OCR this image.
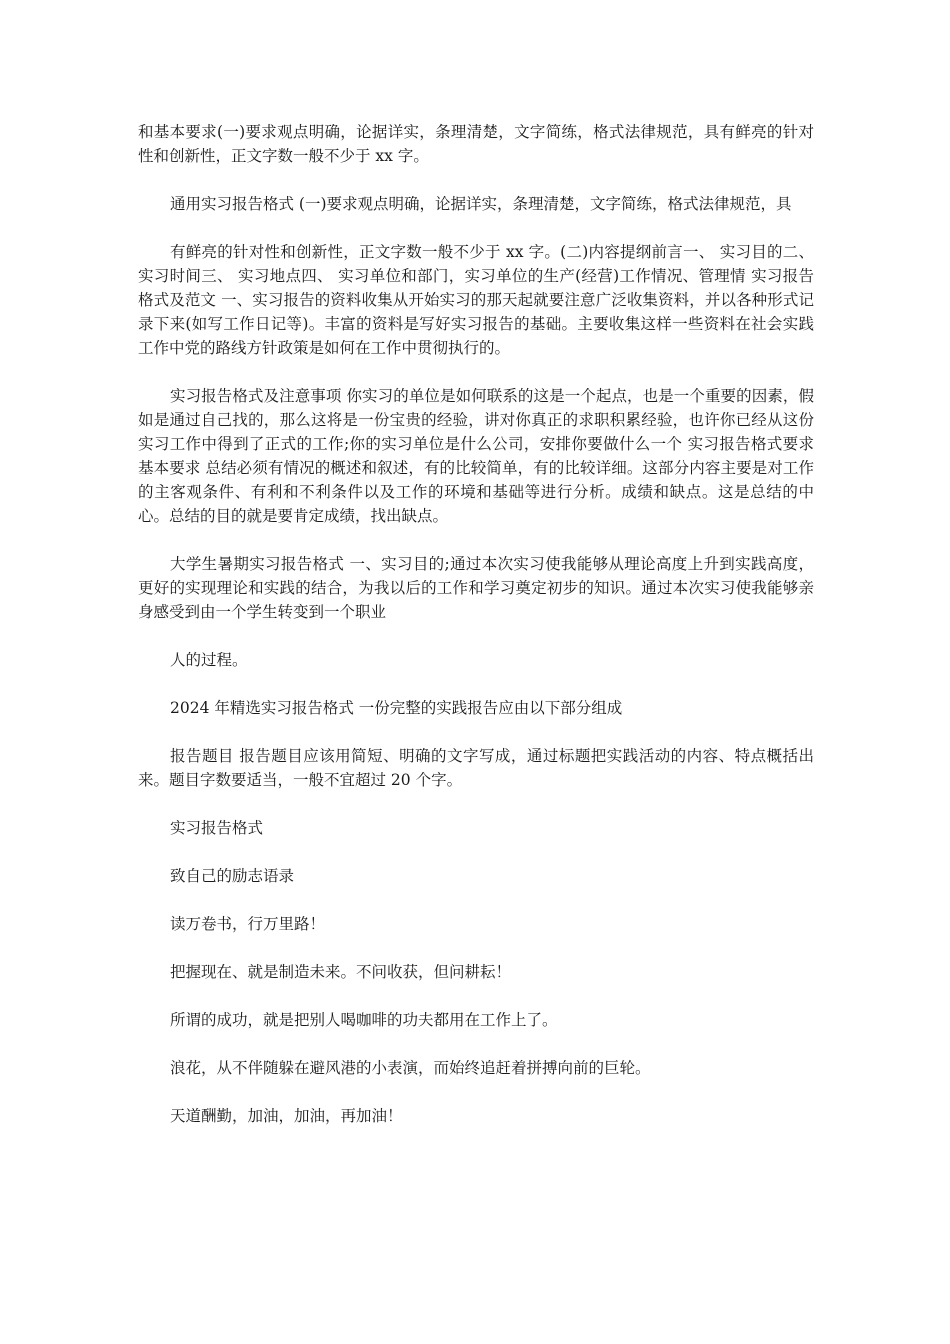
和基本要求(一)要求观点明确，论据详实，条理清楚，文字简练，格式法律规范，具有鲜亮的针对性和创新性，正文字数一般不少于 xx 字。

通用实习报告格式 (一)要求观点明确，论据详实，条理清楚，文字简练，格式法律规范，具

有鲜亮的针对性和创新性，正文字数一般不少于 xx 字。(二)内容提纲前言一、 实习目的二、 实习时间三、 实习地点四、 实习单位和部门，实习单位的生产(经营)工作情况、管理情 实习报告格式及范文 一、实习报告的资料收集从开始实习的那天起就要注意广泛收集资料，并以各种形式记录下来(如写工作日记等)。丰富的资料是写好实习报告的基础。主要收集这样一些资料在社会实践工作中党的路线方针政策是如何在工作中贯彻执行的。

实习报告格式及注意事项 你实习的单位是如何联系的这是一个起点，也是一个重要的因素，假如是通过自己找的，那么这将是一份宝贵的经验，讲对你真正的求职积累经验，也许你已经从这份实习工作中得到了正式的工作;你的实习单位是什么公司，安排你要做什么一个 实习报告格式要求 基本要求 总结必须有情况的概述和叙述，有的比较简单，有的比较详细。这部分内容主要是对工作的主客观条件、有利和不利条件以及工作的环境和基础等进行分析。成绩和缺点。这是总结的中心。总结的目的就是要肯定成绩，找出缺点。

大学生暑期实习报告格式 一、实习目的;通过本次实习使我能够从理论高度上升到实践高度，更好的实现理论和实践的结合，为我以后的工作和学习奠定初步的知识。通过本次实习使我能够亲身感受到由一个学生转变到一个职业

人的过程。

2024 年精选实习报告格式 一份完整的实践报告应由以下部分组成

报告题目 报告题目应该用简短、明确的文字写成，通过标题把实践活动的内容、特点概括出来。题目字数要适当，一般不宜超过 20 个字。

实习报告格式

致自己的励志语录

读万卷书，行万里路！

把握现在、就是制造未来。不问收获，但问耕耘！

所谓的成功，就是把别人喝咖啡的功夫都用在工作上了。

浪花，从不伴随躲在避风港的小表演，而始终追赶着拼搏向前的巨轮。

天道酬勤，加油，加油，再加油！
